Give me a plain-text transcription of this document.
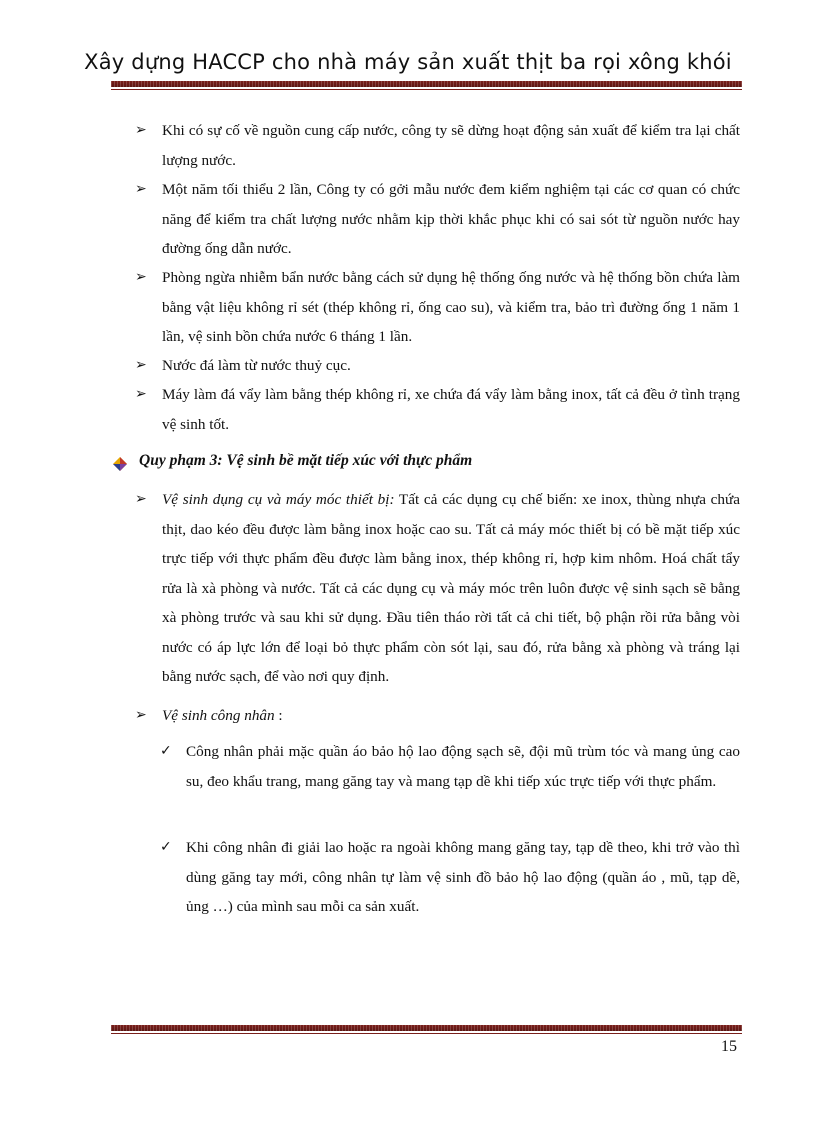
Xây dựng HACCP cho nhà máy sản xuất thịt ba rọi xông khói
➢ Khi có sự cố về nguồn cung cấp nước, công ty sẽ dừng hoạt động sản xuất để kiểm tra lại chất lượng nước.
➢ Một năm tối thiểu 2 lần, Công ty có gởi mẫu nước đem kiểm nghiệm tại các cơ quan có chức năng để kiểm tra chất lượng nước nhằm kịp thời khắc phục khi có sai sót từ nguồn nước hay đường ống dẫn nước.
➢ Phòng ngừa nhiễm bẩn nước bằng cách sử dụng hệ thống ống nước và hệ thống bồn chứa làm bằng vật liệu không rỉ sét (thép không rỉ, ống cao su), và kiểm tra, bảo trì đường ống 1 năm 1 lần, vệ sinh bồn chứa nước 6 tháng 1 lần.
➢ Nước đá làm từ nước thuỷ cục.
➢ Máy làm đá vẩy làm bằng thép không rỉ, xe chứa đá vẩy làm bằng inox, tất cả đều ở tình trạng vệ sinh tốt.
Quy phạm 3: Vệ sinh bề mặt tiếp xúc với thực phẩm
➢ Vệ sinh dụng cụ và máy móc thiết bị: Tất cả các dụng cụ chế biến: xe inox, thùng nhựa chứa thịt, dao kéo đều được làm bằng inox hoặc cao su. Tất cả máy móc thiết bị có bề mặt tiếp xúc trực tiếp với thực phẩm đều được làm bằng inox, thép không rỉ, hợp kim nhôm. Hoá chất tẩy rửa là xà phòng và nước. Tất cả các dụng cụ và máy móc trên luôn được vệ sinh sạch sẽ bằng xà phòng trước và sau khi sử dụng. Đầu tiên tháo rời tất cả chi tiết, bộ phận rồi rửa bằng vòi nước có áp lực lớn để loại bỏ thực phẩm còn sót lại, sau đó, rửa bằng xà phòng và tráng lại bằng nước sạch, để vào nơi quy định.
➢ Vệ sinh công nhân :
✓ Công nhân phải mặc quần áo bảo hộ lao động sạch sẽ, đội mũ trùm tóc và mang ủng cao su, đeo khẩu trang, mang găng tay và mang tạp dề khi tiếp xúc trực tiếp với thực phẩm.
✓ Khi công nhân đi giải lao hoặc ra ngoài không mang găng tay, tạp dề theo, khi trở vào thì dùng găng tay mới, công nhân tự làm vệ sinh đồ bảo hộ lao động (quần áo , mũ, tạp dề, ủng …) của mình sau mỗi ca sản xuất.
15
